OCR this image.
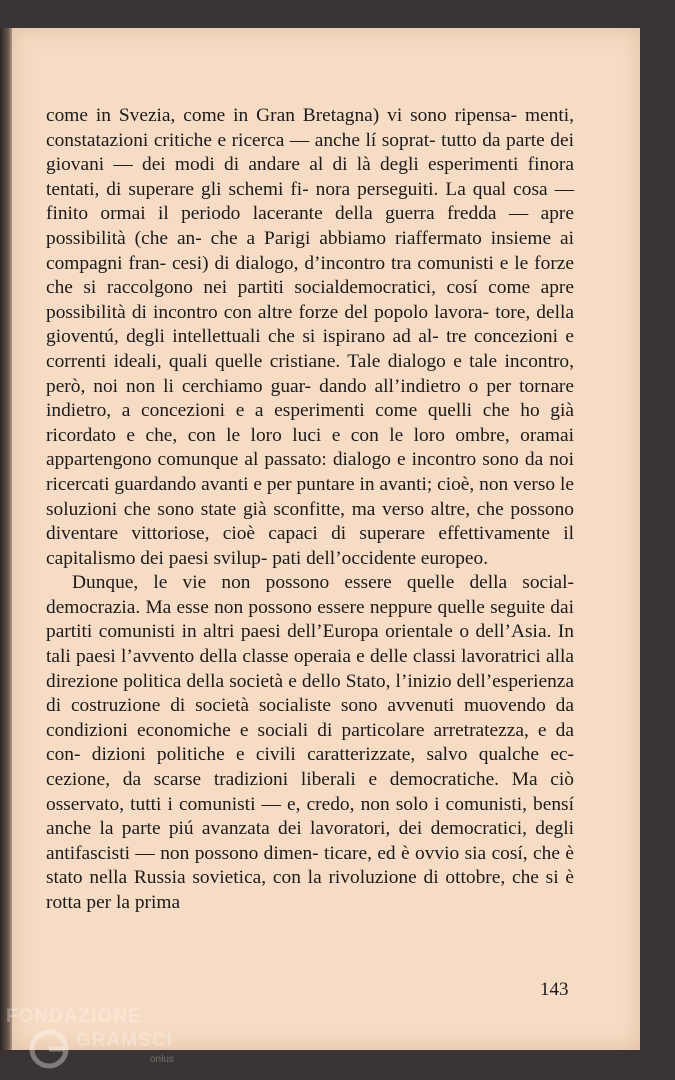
come in Svezia, come in Gran Bretagna) vi sono ripensa- menti, constatazioni critiche e ricerca — anche lí soprat- tutto da parte dei giovani — dei modi di andare al di là degli esperimenti finora tentati, di superare gli schemi fi- nora perseguiti. La qual cosa — finito ormai il periodo lacerante della guerra fredda — apre possibilità (che an- che a Parigi abbiamo riaffermato insieme ai compagni fran- cesi) di dialogo, d’incontro tra comunisti e le forze che si raccolgono nei partiti socialdemocratici, cosí come apre possibilità di incontro con altre forze del popolo lavora- tore, della gioventú, degli intellettuali che si ispirano ad al- tre concezioni e correnti ideali, quali quelle cristiane. Tale dialogo e tale incontro, però, noi non li cerchiamo guar- dando all’indietro o per tornare indietro, a concezioni e a esperimenti come quelli che ho già ricordato e che, con le loro luci e con le loro ombre, oramai appartengono comunque al passato: dialogo e incontro sono da noi ricercati guardando avanti e per puntare in avanti; cioè, non verso le soluzioni che sono state già sconfitte, ma verso altre, che possono diventare vittoriose, cioè capaci di superare effettivamente il capitalismo dei paesi svilup- pati dell’occidente europeo.

Dunque, le vie non possono essere quelle della social- democrazia. Ma esse non possono essere neppure quelle seguite dai partiti comunisti in altri paesi dell’Europa orientale o dell’Asia. In tali paesi l’avvento della classe operaia e delle classi lavoratrici alla direzione politica della società e dello Stato, l’inizio dell’esperienza di costruzione di società socialiste sono avvenuti muovendo da condizioni economiche e sociali di particolare arretratezza, e da con- dizioni politiche e civili caratterizzate, salvo qualche ec- cezione, da scarse tradizioni liberali e democratiche. Ma ciò osservato, tutti i comunisti — e, credo, non solo i comunisti, bensí anche la parte piú avanzata dei lavoratori, dei democratici, degli antifascisti — non possono dimen- ticare, ed è ovvio sia cosí, che è stato nella Russia sovietica, con la rivoluzione di ottobre, che si è rotta per la prima

143
FONDAZIONE
GRAMSCI
onlus
